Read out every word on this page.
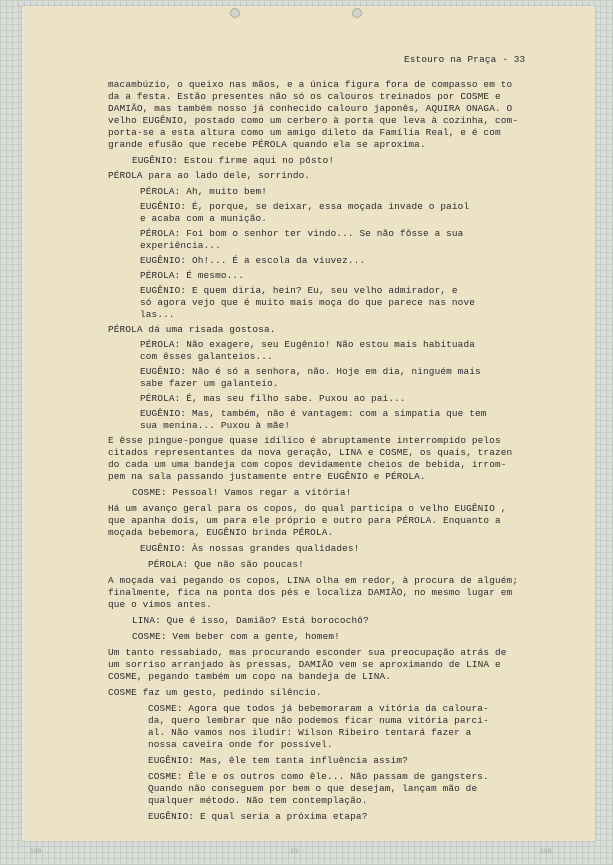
Estouro na Praça - 33
macambúzio, o queixo nas mãos, e a única figura fora de compasso em to
da a festa. Estão presentes não só os calouros treinados por COSME e
DAMIÃO, mas também nosso já conhecido calouro japonês, AQUIRA ONAGA. O
velho EUGÊNIO, postado como um cerbero à porta que leva à cozinha, com-
porta-se a esta altura como um amigo dileto da Família Real, e é com
grande efusão que recebe PÉROLA quando ela se aproxima.
EUGÊNIO: Estou firme aqui no pôsto!
PÉROLA para ao lado dele, sorrindo.
PÉROLA: Ah, muito bem!
EUGÊNIO: É, porque, se deixar, essa moçada invade o paiol
e acaba com a munição.
PÉROLA: Foi bom o senhor ter vindo... Se não fôsse a sua
experiência...
EUGÊNIO: Oh!... É a escola da viuvez...
PÉROLA: É mesmo...
EUGÊNIO: E quem diria, hein? Eu, seu velho admirador, e
só agora vejo que é muito mais moça do que parece nas nove
las...
PÉROLA dá uma risada gostosa.
PÉROLA: Não exagere, seu Eugênio! Não estou mais habituada
com êsses galanteios...
EUGÊNIO: Não é só a senhora, não. Hoje em dia, ninguém mais
sabe fazer um galanteio.
PÉROLA: É, mas seu filho sabe. Puxou ao pai...
EUGÊNIO: Mas, também, não é vantagem: com a simpatia que tem
sua menina... Puxou à mãe!
E êsse pingue-pongue quase idílico é abruptamente interrompido pelos
citados representantes da nova geração, LINA e COSME, os quais, trazen
do cada um uma bandeja com copos devidamente cheios de bebida, irrom-
pem na sala passando justamente entre EUGÊNIO e PÉROLA.
COSME: Pessoal! Vamos regar a vitória!
Há um avanço geral para os copos, do qual participa o velho EUGÊNIO ,
que apanha dois, um para ele próprio e outro para PÉROLA. Enquanto a
moçada bebemora, EUGÊNIO brinda PÉROLA.
EUGÊNIO: Às nossas grandes qualidades!
PÉROLA: Que não são poucas!
A moçada vai pegando os copos, LINA olha em redor, à procura de alguém;
finalmente, fica na ponta dos pés e localiza DAMIÃO, no mesmo lugar em
que o vimos antes.
LINA: Que é isso, Damião? Está borocochô?
COSME: Vem beber com a gente, homem!
Um tanto ressabiado, mas procurando esconder sua preocupação atrás de
um sorriso arranjado às pressas, DAMIÃO vem se aproximando de LINA e
COSME, pegando também um copo na bandeja de LINA.
COSME faz um gesto, pedindo silêncio.
COSME: Agora que todos já bebemoraram a vitória da caloura-
da, quero lembrar que não podemos ficar numa vitória parci-
al. Não vamos nos iludir: Wilson Ribeiro tentará fazer a
nossa caveira onde for possível.
EUGÊNIO: Mas, êle tem tanta influência assim?
COSME: Êle e os outros como êle... Não passam de gangsters.
Quando não conseguem por bem o que desejam, lançam mão de
qualquer método. Não tem contemplação.
EUGÊNIO: E qual seria a próxima etapa?
100	10	100
